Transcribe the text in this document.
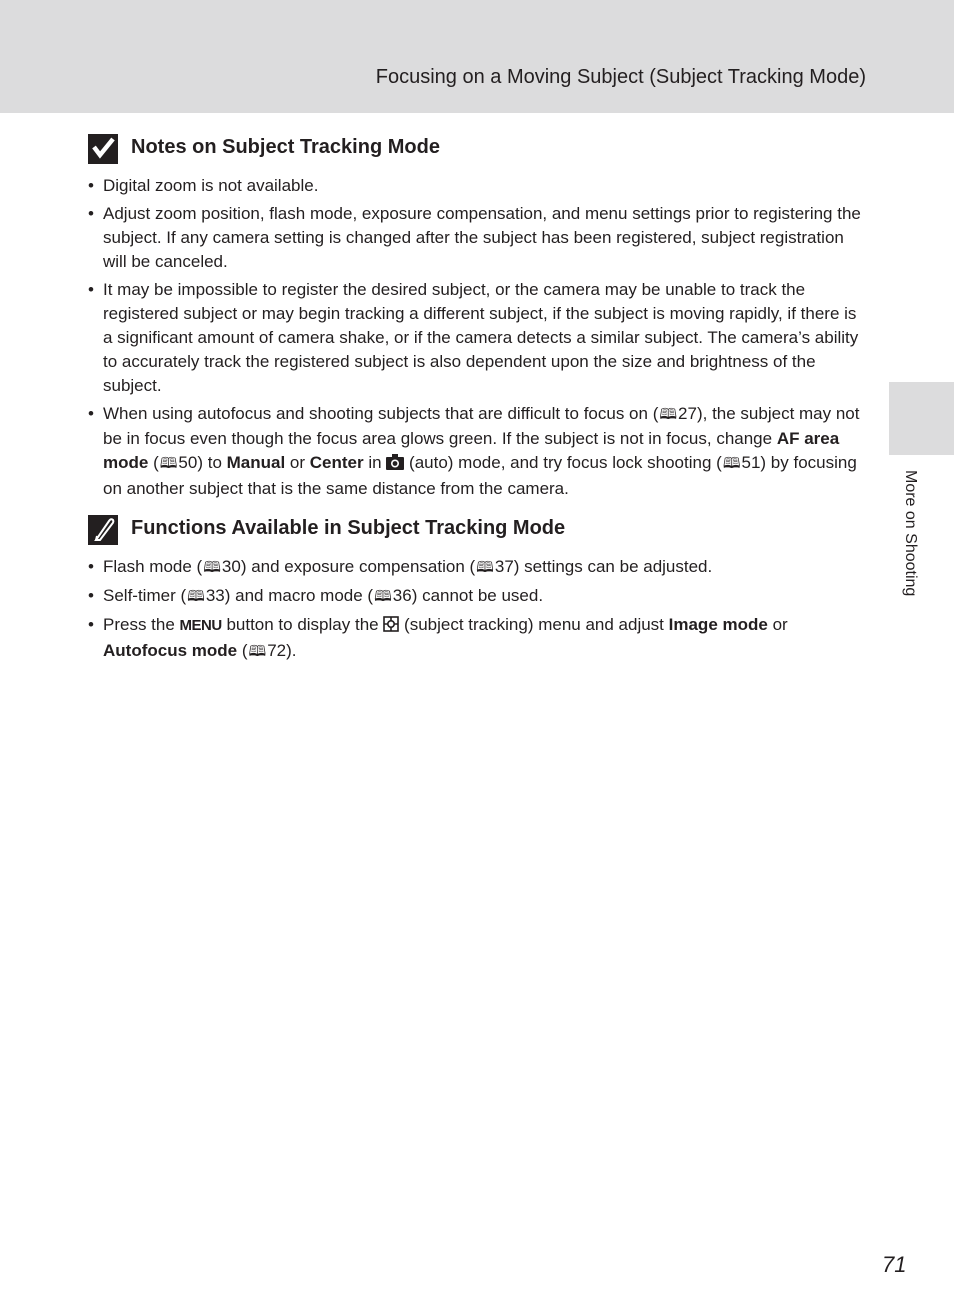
Focusing on a Moving Subject (Subject Tracking Mode)
More on Shooting
Notes on Subject Tracking Mode
• Digital zoom is not available.
• Adjust zoom position, flash mode, exposure compensation, and menu settings prior to registering the subject. If any camera setting is changed after the subject has been registered, subject registration will be canceled.
• It may be impossible to register the desired subject, or the camera may be unable to track the registered subject or may begin tracking a different subject, if the subject is moving rapidly, if there is a significant amount of camera shake, or if the camera detects a similar subject. The camera’s ability to accurately track the registered subject is also dependent upon the size and brightness of the subject.
• When using autofocus and shooting subjects that are difficult to focus on (🕮27), the subject may not be in focus even though the focus area glows green. If the subject is not in focus, change AF area mode (🕮50) to Manual or Center in  (auto) mode, and try focus lock shooting (🕮51) by focusing on another subject that is the same distance from the camera.
Functions Available in Subject Tracking Mode
• Flash mode (🕮30) and exposure compensation (🕮37) settings can be adjusted.
• Self-timer (🕮33) and macro mode (🕮36) cannot be used.
• Press the MENU button to display the  (subject tracking) menu and adjust Image mode or Autofocus mode (🕮72).
71
